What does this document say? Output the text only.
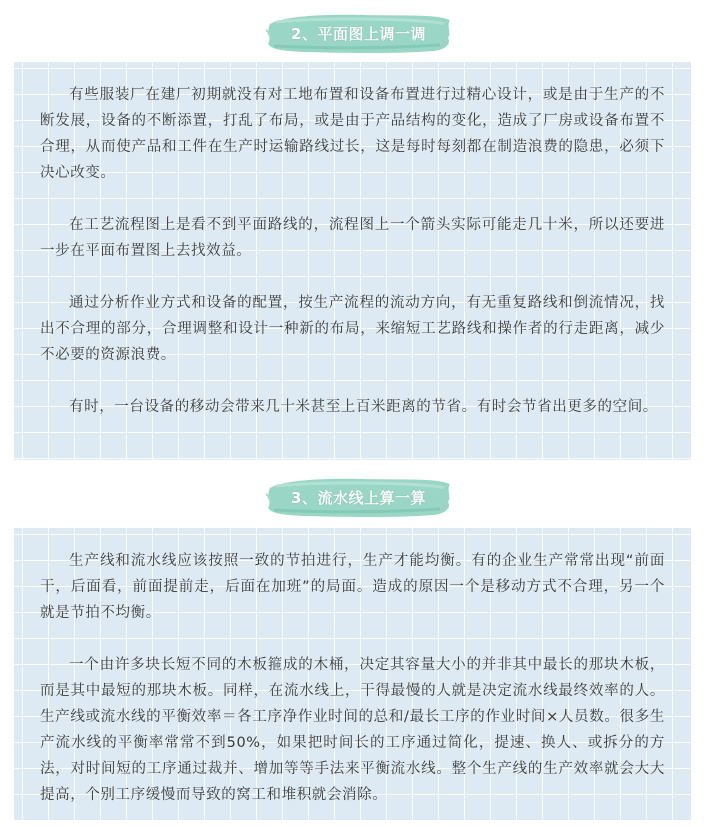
2、平面图上调一调

有些服装厂在建厂初期就没有对工地布置和设备布置进行过精心设计，或是由于生产的不断发展，设备的不断添置，打乱了布局，或是由于产品结构的变化，造成了厂房或设备布置不合理，从而使产品和工件在生产时运输路线过长，这是每时每刻都在制造浪费的隐患，必须下决心改变。

在工艺流程图上是看不到平面路线的，流程图上一个箭头实际可能走几十米，所以还要进一步在平面布置图上去找效益。

通过分析作业方式和设备的配置，按生产流程的流动方向，有无重复路线和倒流情况，找出不合理的部分，合理调整和设计一种新的布局，来缩短工艺路线和操作者的行走距离，减少不必要的资源浪费。

有时，一台设备的移动会带来几十米甚至上百米距离的节省。有时会节省出更多的空间。

3、流水线上算一算

生产线和流水线应该按照一致的节拍进行，生产才能均衡。有的企业生产常常出现“前面干，后面看，前面提前走，后面在加班”的局面。造成的原因一个是移动方式不合理，另一个就是节拍不均衡。

一个由许多块长短不同的木板箍成的木桶，决定其容量大小的并非其中最长的那块木板，而是其中最短的那块木板。同样，在流水线上，干得最慢的人就是决定流水线最终效率的人。生产线或流水线的平衡效率＝各工序净作业时间的总和/最长工序的作业时间×人员数。很多生产流水线的平衡率常常不到50%，如果把时间长的工序通过简化，提速、换人、或拆分的方法，对时间短的工序通过裁并、增加等等手法来平衡流水线。整个生产线的生产效率就会大大提高，个别工序缓慢而导致的窝工和堆积就会消除。
